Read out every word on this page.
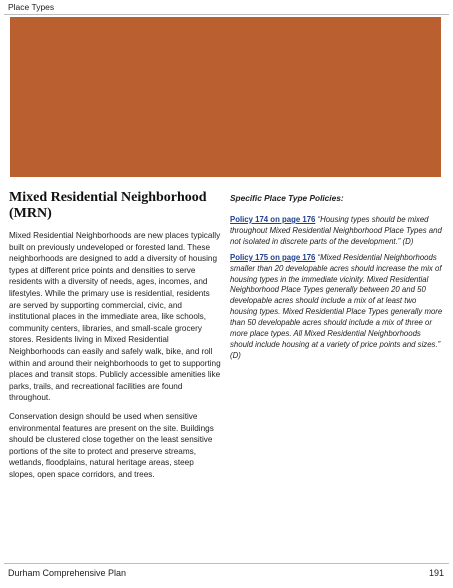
Place Types
Mixed Residential Neighborhood (MRN)

Mixed Residential Neighborhoods are new places typically built on previously undeveloped or forested land. These neighborhoods are designed to add a diversity of housing types at different price points and densities to serve residents with a diversity of needs, ages, incomes, and lifestyles. While the primary use is residential, residents are served by supporting commercial, civic, and institutional places in the immediate area, like schools, community centers, libraries, and small-scale grocery stores. Residents living in Mixed Residential Neighborhoods can easily and safely walk, bike, and roll within and around their neighborhoods to get to supporting places and transit stops. Publicly accessible amenities like parks, trails, and recreational facilities are found throughout.

Conservation design should be used when sensitive environmental features are present on the site. Buildings should be clustered close together on the least sensitive portions of the site to protect and preserve streams, wetlands, floodplains, natural heritage areas, steep slopes, open space corridors, and trees.

Specific Place Type Policies:

Policy 174 on page 176 “Housing types should be mixed throughout Mixed Residential Neighborhood Place Types and not isolated in discrete parts of the development.” (D)

Policy 175 on page 176 “Mixed Residential Neighborhoods smaller than 20 developable acres should increase the mix of housing types in the immediate vicinity. Mixed Residential Neighborhood Place Types generally between 20 and 50 developable acres should include a mix of at least two housing types. Mixed Residential Place Types generally more than 50 developable acres should include a mix of three or more place types. All Mixed Residential Neighborhoods should include housing at a variety of price points and sizes.” (D)

Durham Comprehensive Plan	191
